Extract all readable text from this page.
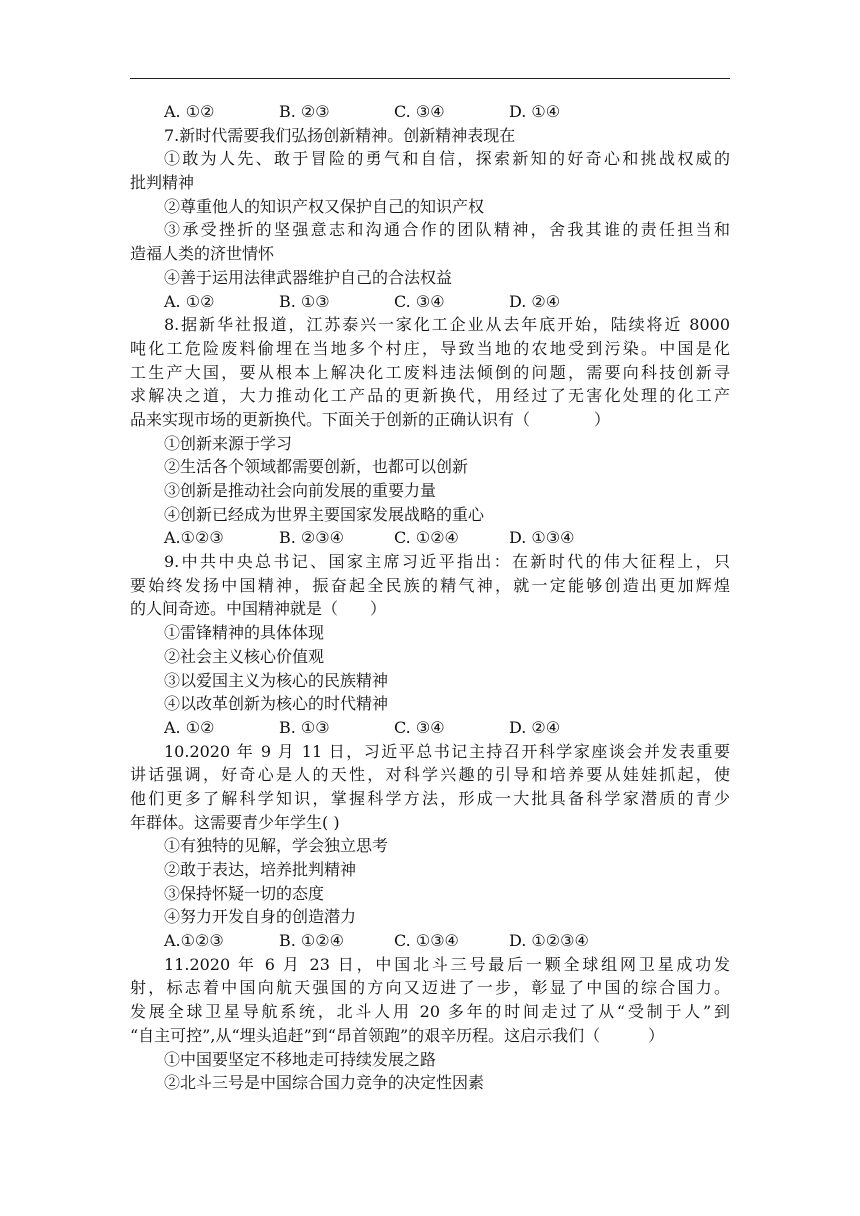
A. ①②	B. ②③	C. ③④	D. ①④
7.新时代需要我们弘扬创新精神。创新精神表现在
①敢为人先、敢于冒险的勇气和自信，探索新知的好奇心和挑战权威的
批判精神
②尊重他人的知识产权又保护自己的知识产权
③承受挫折的坚强意志和沟通合作的团队精神，舍我其谁的责任担当和
造福人类的济世情怀
④善于运用法律武器维护自己的合法权益
A. ①②	B. ①③	C. ③④	D. ②④
8.据新华社报道，江苏泰兴一家化工企业从去年底开始，陆续将近 8000
吨化工危险废料偷埋在当地多个村庄，导致当地的农地受到污染。中国是化
工生产大国，要从根本上解决化工废料违法倾倒的问题，需要向科技创新寻
求解决之道，大力推动化工产品的更新换代，用经过了无害化处理的化工产
品来实现市场的更新换代。下面关于创新的正确认识有（　　　　）
①创新来源于学习
②生活各个领域都需要创新，也都可以创新
③创新是推动社会向前发展的重要力量
④创新已经成为世界主要国家发展战略的重心
A.①②③	B. ②③④	C. ①②④	D. ①③④
9.中共中央总书记、国家主席习近平指出：在新时代的伟大征程上，只
要始终发扬中国精神，振奋起全民族的精气神，就一定能够创造出更加辉煌
的人间奇迹。中国精神就是（　　）
①雷锋精神的具体体现
②社会主义核心价值观
③以爱国主义为核心的民族精神
④以改革创新为核心的时代精神
A. ①②	B. ①③	C. ③④	D. ②④
10.2020 年 9 月 11 日，习近平总书记主持召开科学家座谈会并发表重要
讲话强调，好奇心是人的天性，对科学兴趣的引导和培养要从娃娃抓起，使
他们更多了解科学知识，掌握科学方法，形成一大批具备科学家潜质的青少
年群体。这需要青少年学生( )
①有独特的见解，学会独立思考
②敢于表达，培养批判精神
③保持怀疑一切的态度
④努力开发自身的创造潜力
A.①②③	B. ①②④	C. ①③④	D. ①②③④
11.2020 年 6 月 23 日，中国北斗三号最后一颗全球组网卫星成功发
射，标志着中国向航天强国的方向又迈进了一步，彰显了中国的综合国力。
发展全球卫星导航系统，北斗人用 20 多年的时间走过了从“受制于人”到
“自主可控”,从“埋头追赶”到“昂首领跑”的艰辛历程。这启示我们（　　　）
①中国要坚定不移地走可持续发展之路
②北斗三号是中国综合国力竞争的决定性因素
